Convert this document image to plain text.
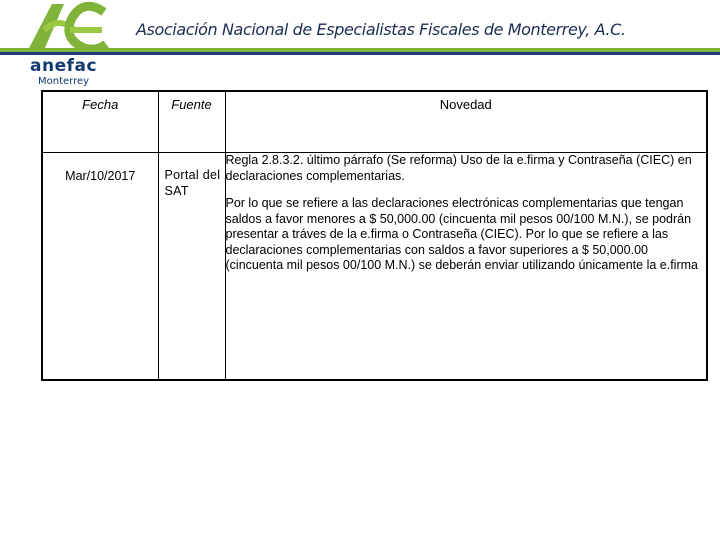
anefac
Monterrey
Asociación Nacional de Especialistas Fiscales de Monterrey, A.C.
Fecha	Fuente	Novedad

Mar/10/2017	Portal del SAT	Regla 2.8.3.2. último párrafo (Se reforma) Uso de la e.firma y Contraseña (CIEC) en declaraciones complementarias.

Por lo que se refiere a las declaraciones electrónicas complementarias que tengan saldos a favor menores a $ 50,000.00 (cincuenta mil pesos 00/100 M.N.), se podrán presentar a tráves de la e.firma o Contraseña (CIEC). Por lo que se refiere a las declaraciones complementarias con saldos a favor superiores a $ 50,000.00 (cincuenta mil pesos 00/100 M.N.) se deberán enviar utilizando únicamente la e.firma
